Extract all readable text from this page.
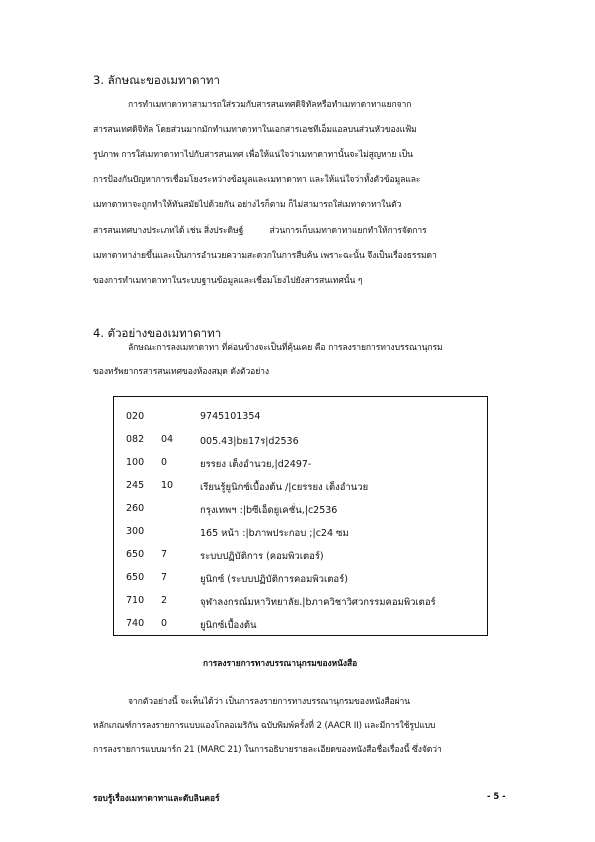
3. ลักษณะของเมทาดาทา
การทำเมทาดาทาสามารถใส่รวมกับสารสนเทศดิจิทัลหรือทำเมทาดาทาแยกจาก
สารสนเทศดิจิทัล โดยส่วนมากมักทำเมทาดาทาในเอกสารเอชทีเอ็มแอลบนส่วนหัวของแฟ้ม
รูปภาพ การใส่เมทาดาทาไปกับสารสนเทศ เพื่อให้แน่ใจว่าเมทาดาทานั้นจะไม่สูญหาย เป็น
การป้องกันปัญหาการเชื่อมโยงระหว่างข้อมูลและเมทาดาทา และให้แน่ใจว่าทั้งตัวข้อมูลและ
เมทาดาทาจะถูกทำให้ทันสมัยไปด้วยกัน อย่างไรก็ตาม ก็ไม่สามารถใส่เมทาดาทาในตัว
สารสนเทศบางประเภทได้ เช่น สิ่งประดิษฐ์          ส่วนการเก็บเมทาดาทาแยกทำให้การจัดการ
เมทาดาทาง่ายขึ้นและเป็นการอำนวยความสะดวกในการสืบค้น เพราะฉะนั้น จึงเป็นเรื่องธรรมดา
ของการทำเมทาดาทาในระบบฐานข้อมูลและเชื่อมโยงไปยังสารสนเทศนั้น ๆ
4. ตัวอย่างของเมทาดาทา
ลักษณะการลงเมทาดาทา ที่ค่อนข้างจะเป็นที่คุ้นเคย คือ การลงรายการทางบรรณานุกรม
ของทรัพยากรสารสนเทศของห้องสมุด ดังตัวอย่าง
020	9745101354
082 04	005.43|bย17ร|d2536
100 0	ยรรยง เต็งอำนวย,|d2497-
245 10	เรียนรู้ยูนิกซ์เบื้องต้น /|cยรรยง เต็งอำนวย
260	กรุงเทพฯ :|bซีเอ็ดยูเคชั่น,|c2536
300	165 หน้า :|bภาพประกอบ ;|c24 ซม
650 7	ระบบปฏิบัติการ (คอมพิวเตอร์)
650 7	ยูนิกซ์ (ระบบปฏิบัติการคอมพิวเตอร์)
710 2	จุฬาลงกรณ์มหาวิทยาลัย.|bภาควิชาวิศวกรรมคอมพิวเตอร์
740 0	ยูนิกซ์เบื้องต้น
การลงรายการทางบรรณานุกรมของหนังสือ
จากตัวอย่างนี้ จะเห็นได้ว่า เป็นการลงรายการทางบรรณานุกรมของหนังสือผ่าน
หลักเกณฑ์การลงรายการแบบแองโกลอเมริกัน ฉบับพิมพ์ครั้งที่ 2 (AACR II) และมีการใช้รูปแบบ
การลงรายการแบบมาร์ก 21 (MARC 21) ในการอธิบายรายละเอียดของหนังสือชื่อเรื่องนี้ ซึ่งจัดว่า
รอบรู้เรื่องเมทาดาทาและดับลินคอร์	- 5 -
